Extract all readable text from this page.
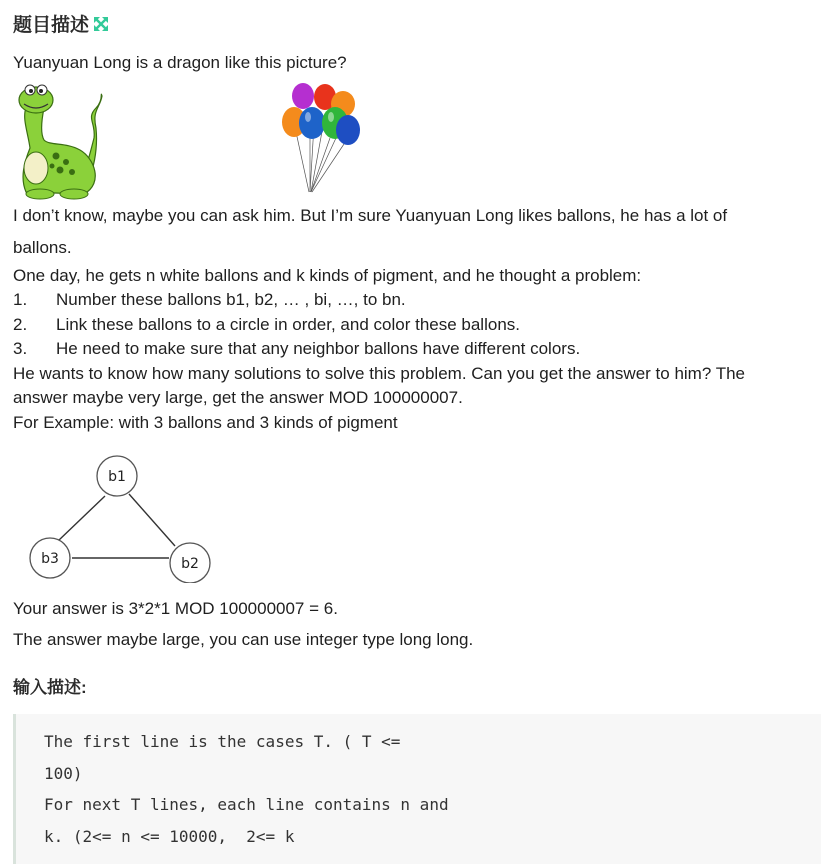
题目描述
Yuanyuan Long is a dragon like this picture?
I don’t know, maybe you can ask him. But I’m sure Yuanyuan Long likes ballons, he has a lot of
ballons.
One day, he gets n white ballons and k kinds of pigment, and he thought a problem:
1. Number these ballons b1, b2, … , bi, …, to bn.
2. Link these ballons to a circle in order, and color these ballons.
3. He need to make sure that any neighbor ballons have different colors.
He wants to know how many solutions to solve this problem. Can you get the answer to him? The
answer maybe very large, get the answer MOD 100000007.
For Example: with 3 ballons and 3 kinds of pigment
b1
b3	b2
Your answer is 3*2*1 MOD 100000007 = 6.
The answer maybe large, you can use integer type long long.
输入描述:
The first line is the cases T. ( T <=
100)
For next T lines, each line contains n and
k. (2<= n <= 10000,  2<= k
